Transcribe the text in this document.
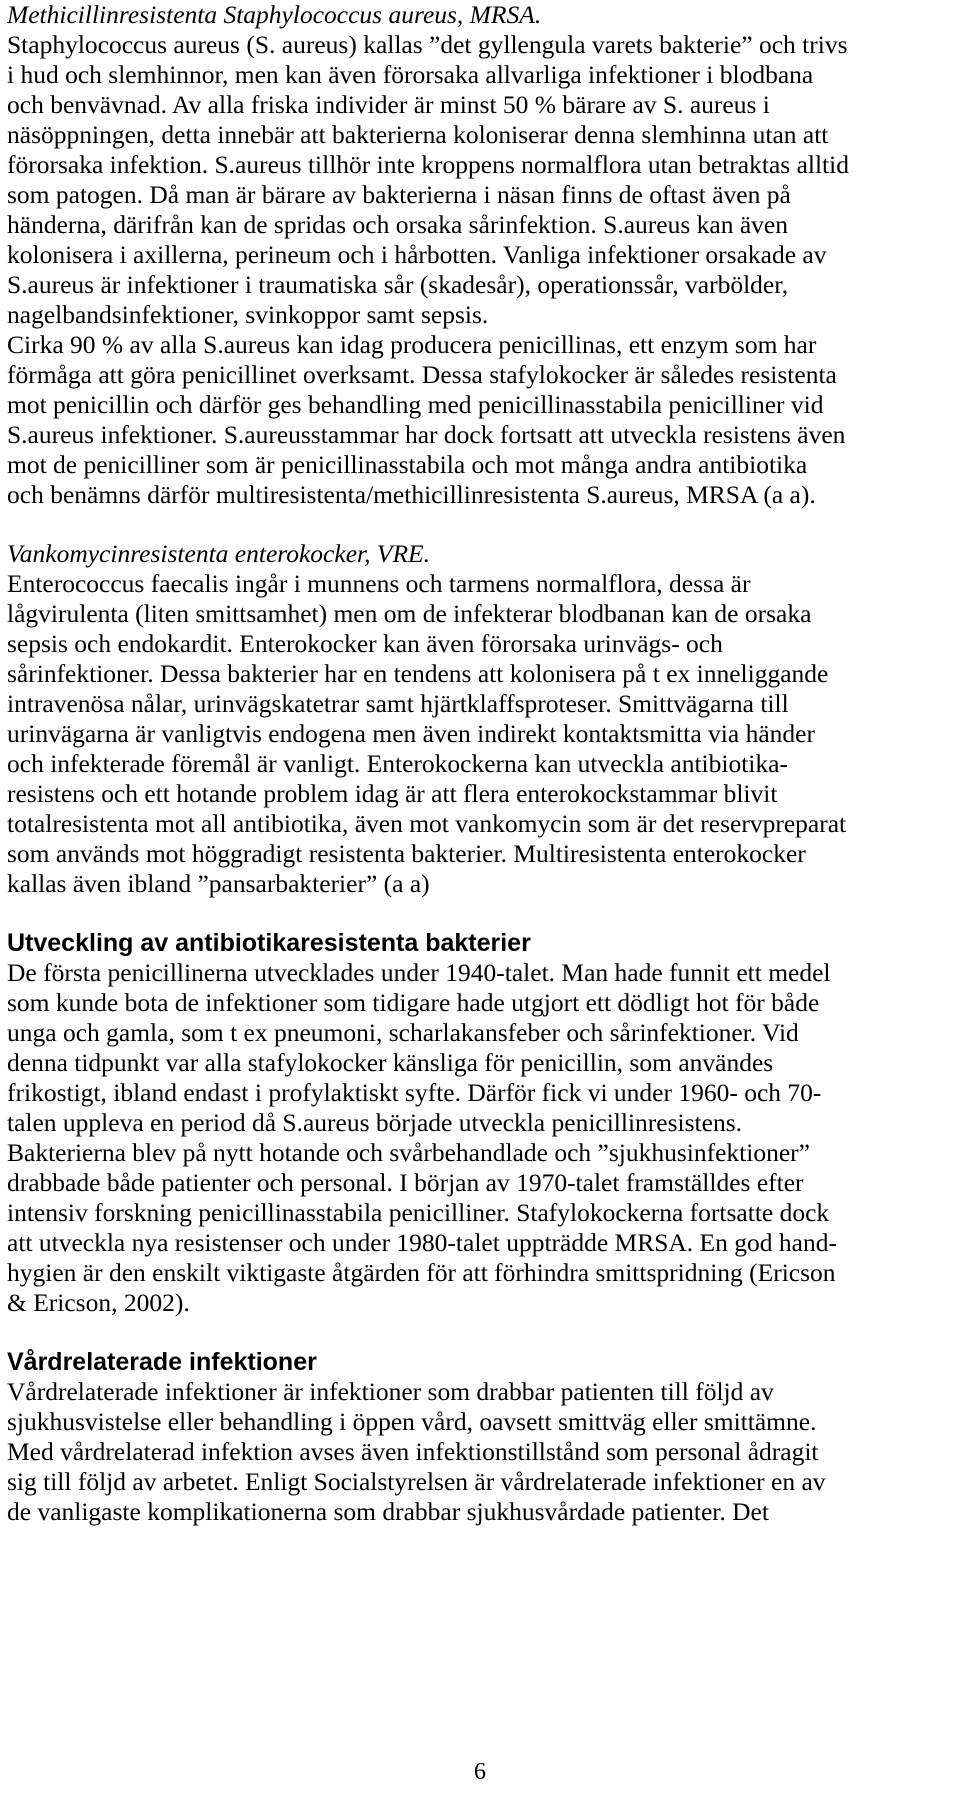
Methicillinresistenta Staphylococcus aureus, MRSA.
Staphylococcus aureus (S. aureus) kallas ”det gyllengula varets bakterie” och trivs
i hud och slemhinnor, men kan även förorsaka allvarliga infektioner i blodbana
och benvävnad. Av alla friska individer är minst 50 % bärare av S. aureus i
näsöppningen, detta innebär att bakterierna koloniserar denna slemhinna utan att
förorsaka infektion. S.aureus tillhör inte kroppens normalflora utan betraktas alltid
som patogen. Då man är bärare av bakterierna i näsan finns de oftast även på
händerna, därifrån kan de spridas och orsaka sårinfektion. S.aureus kan även
kolonisera i axillerna, perineum och i hårbotten. Vanliga infektioner orsakade av
S.aureus är infektioner i traumatiska sår (skadesår), operationssår, varbölder,
nagelbandsinfektioner, svinkoppor samt sepsis.
Cirka 90 % av alla S.aureus kan idag producera penicillinas, ett enzym som har
förmåga att göra penicillinet overksamt. Dessa stafylokocker är således resistenta
mot penicillin och därför ges behandling med penicillinasstabila penicilliner vid
S.aureus infektioner. S.aureusstammar har dock fortsatt att utveckla resistens även
mot de penicilliner som är penicillinasstabila och mot många andra antibiotika
och benämns därför multiresistenta/methicillinresistenta S.aureus, MRSA (a a).
Vankomycinresistenta enterokocker, VRE.
Enterococcus faecalis ingår i munnens och tarmens normalflora, dessa är
lågvirulenta (liten smittsamhet) men om de infekterar blodbanan kan de orsaka
sepsis och endokardit. Enterokocker kan även förorsaka urinvägs- och
sårinfektioner. Dessa bakterier har en tendens att kolonisera på t ex inneliggande
intravenösa nålar, urinvägskatetrar samt hjärtklaffsproteser. Smittvägarna till
urinvägarna är vanligtvis endogena men även indirekt kontaktsmitta via händer
och infekterade föremål är vanligt. Enterokockerna kan utveckla antibiotika-
resistens och ett hotande problem idag är att flera enterokockstammar blivit
totalresistenta mot all antibiotika, även mot vankomycin som är det reservpreparat
som används mot höggradigt resistenta bakterier. Multiresistenta enterokocker
kallas även ibland ”pansarbakterier” (a a)
Utveckling av antibiotikaresistenta bakterier
De första penicillinerna utvecklades under 1940-talet. Man hade funnit ett medel
som kunde bota de infektioner som tidigare hade utgjort ett dödligt hot för både
unga och gamla, som t ex pneumoni, scharlakansfeber och sårinfektioner. Vid
denna tidpunkt var alla stafylokocker känsliga för penicillin, som användes
frikostigt, ibland endast i profylaktiskt syfte. Därför fick vi under 1960- och 70-
talen uppleva en period då S.aureus började utveckla penicillinresistens.
Bakterierna blev på nytt hotande och svårbehandlade och ”sjukhusinfektioner”
drabbade både patienter och personal. I början av 1970-talet framställdes efter
intensiv forskning penicillinasstabila penicilliner. Stafylokockerna fortsatte dock
att utveckla nya resistenser och under 1980-talet uppträdde MRSA. En god hand-
hygien är den enskilt viktigaste åtgärden för att förhindra smittspridning (Ericson
& Ericson, 2002).
Vårdrelaterade infektioner
Vårdrelaterade infektioner är infektioner som drabbar patienten till följd av
sjukhusvistelse eller behandling i öppen vård, oavsett smittväg eller smittämne.
Med vårdrelaterad infektion avses även infektionstillstånd som personal ådragit
sig till följd av arbetet. Enligt Socialstyrelsen är vårdrelaterade infektioner en av
de vanligaste komplikationerna som drabbar sjukhusvårdade patienter. Det
6
